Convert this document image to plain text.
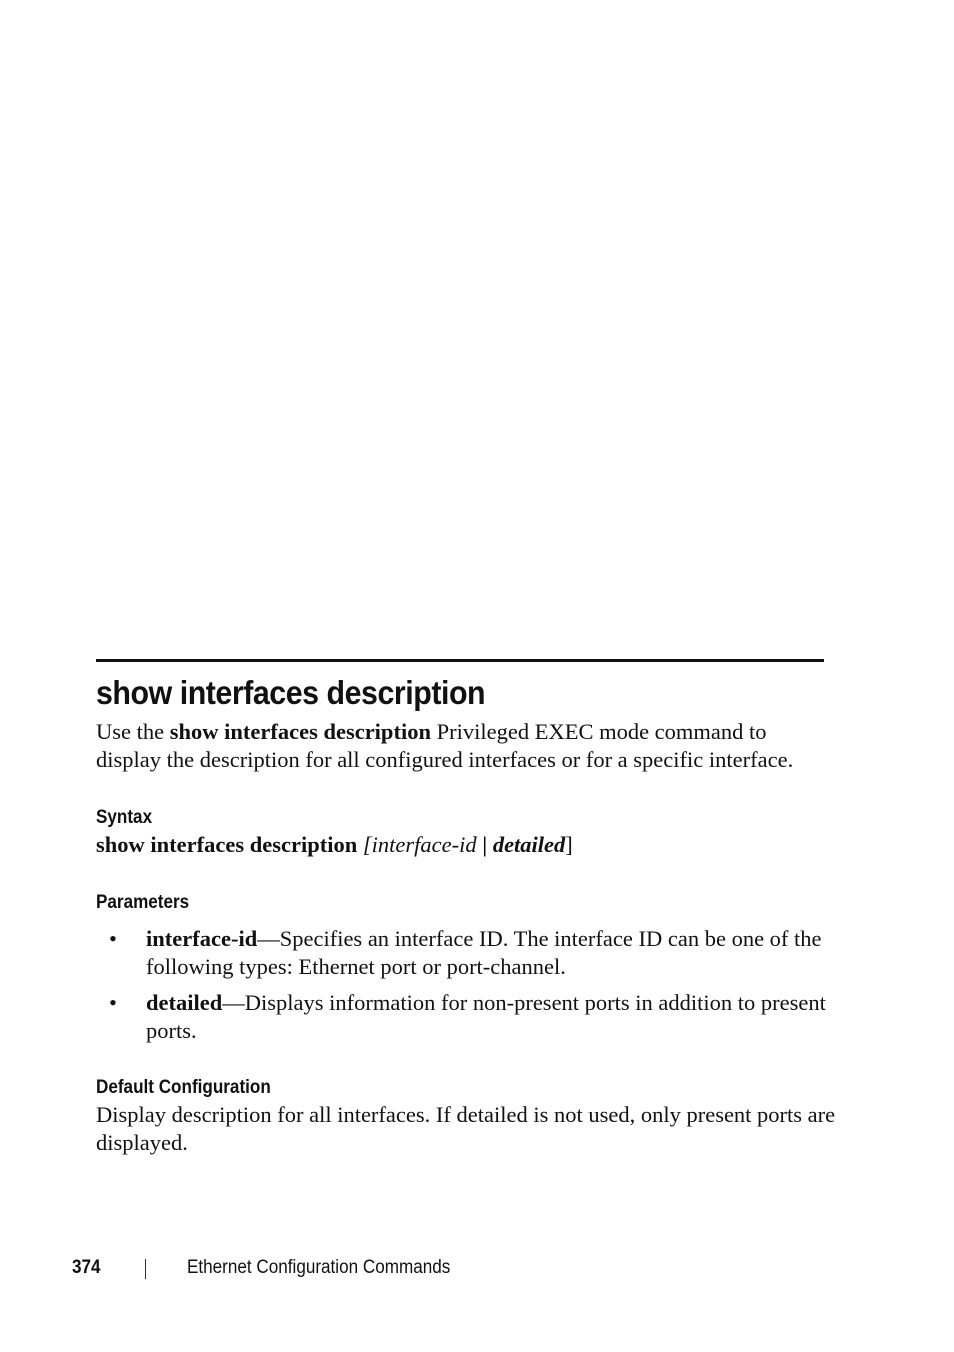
show interfaces description

Use the show interfaces description Privileged EXEC mode command to display the description for all configured interfaces or for a specific interface.

Syntax

show interfaces description [interface-id | detailed]

Parameters
• interface-id—Specifies an interface ID. The interface ID can be one of the following types: Ethernet port or port-channel.
• detailed—Displays information for non-present ports in addition to present ports.
Default Configuration

Display description for all interfaces. If detailed is not used, only present ports are displayed.

374	Ethernet Configuration Commands
